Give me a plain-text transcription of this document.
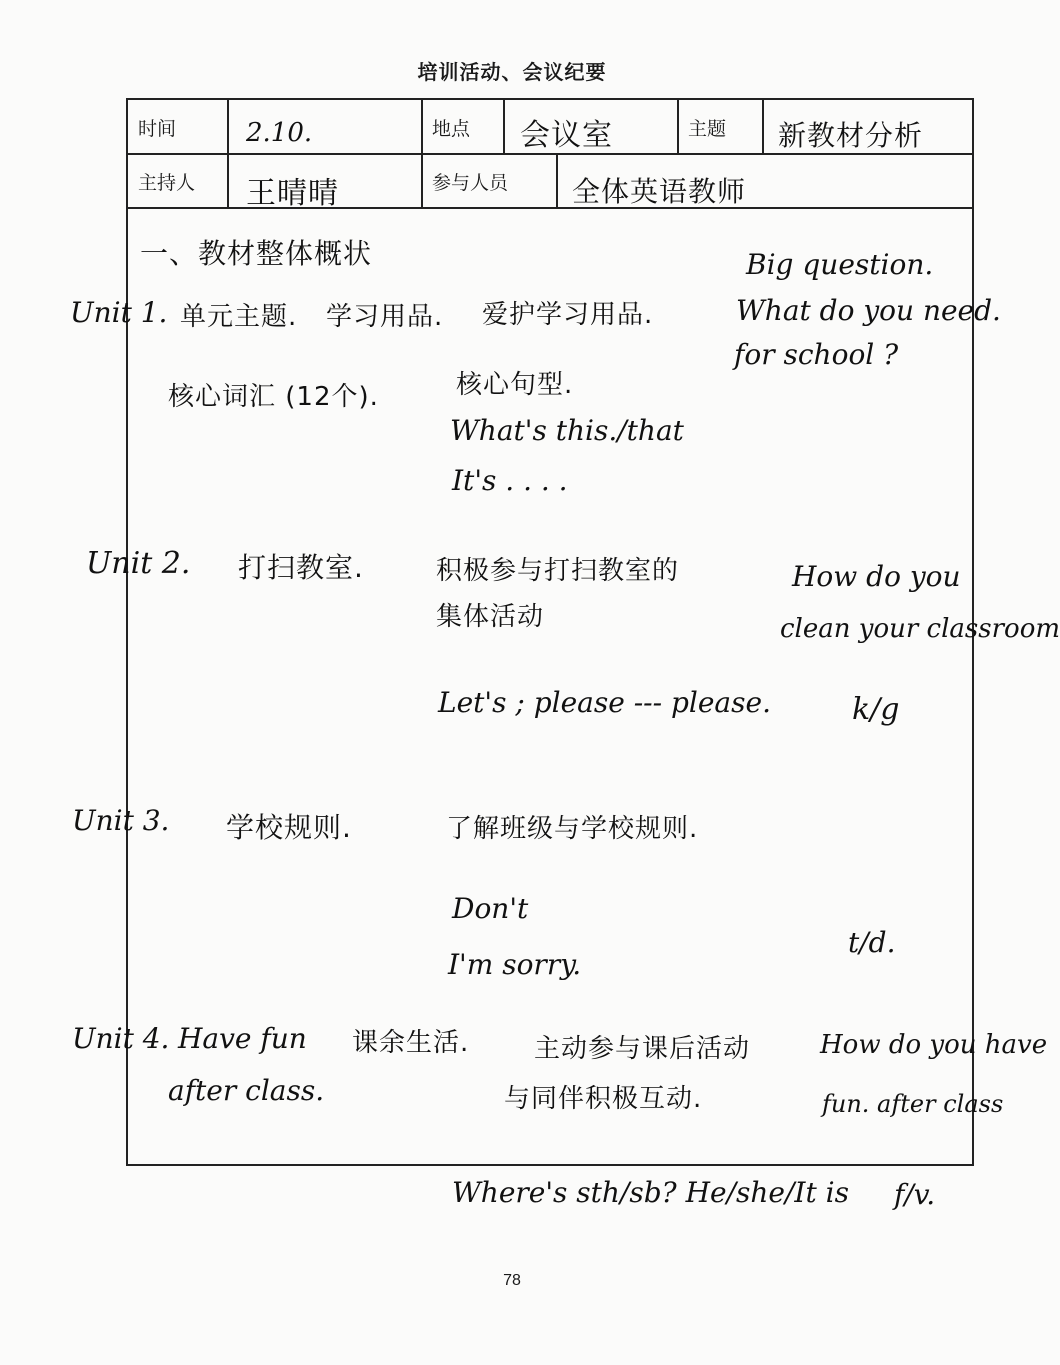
培训活动、会议纪要
时间	2.10.	地点 会议室	主题 新教材分析
主持人 王晴晴	参与人员 全体英语教师
一、教材整体概状	Big question.
What do you need.
for school ?
Unit 1. 单元主题. 学习用品. 爱护学习用品.
核心词汇 (12个).	核心句型.
What's this./that
It's . . . .
Unit 2. 打扫教室.	积极参与打扫教室的
集体活动
How do you
clean your classroom
Let's ; please --- please.	k/g
Unit 3. 学校规则.	了解班级与学校规则.
Don't
I'm sorry.
t/d.
Unit 4. Have fun
after class.
课余生活. 主动参与课后活动
与同伴积极互动.
How do you have
fun. after class
Where's sth/sb? He/she/It is f/v.
78
